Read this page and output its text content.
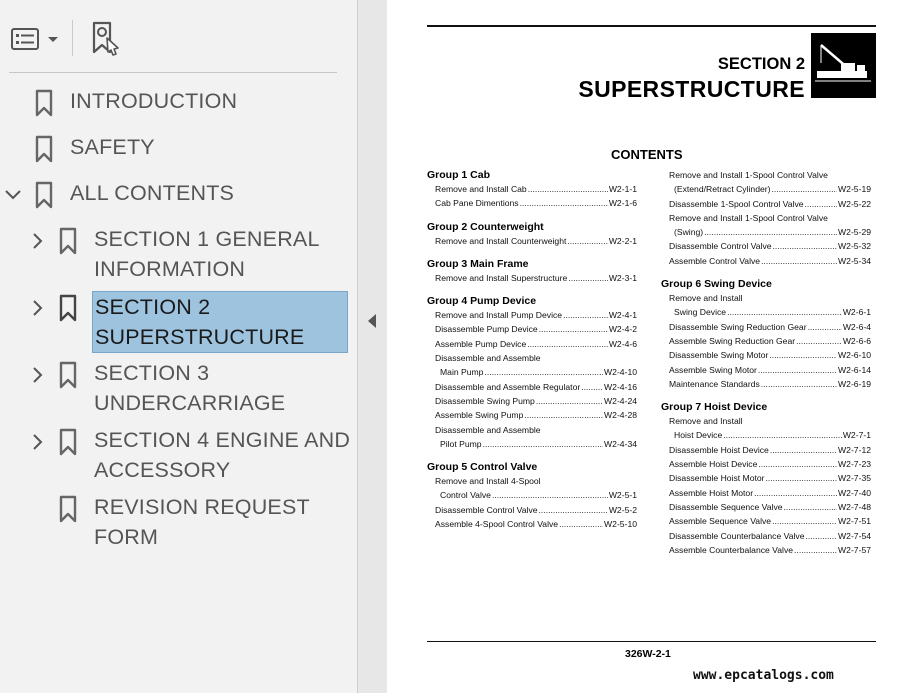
INTRODUCTION
SAFETY
ALL CONTENTS
SECTION 1 GENERAL
INFORMATION
SECTION 2
SUPERSTRUCTURE
SECTION 3
UNDERCARRIAGE
SECTION 4 ENGINE AND
ACCESSORY
REVISION REQUEST
FORM
SECTION 2
SUPERSTRUCTURE
CONTENTS
Group 1 Cab
Remove and Install Cab .....	W2-1-1
Cab Pane Dimentions .....	W2-1-6
Group 2 Counterweight
Remove and Install Counterweight .....	W2-2-1
Group 3 Main Frame
Remove and Install Superstructure .....	W2-3-1
Group 4 Pump Device
Remove and Install Pump Device .....	W2-4-1
Disassemble Pump Device .....	W2-4-2
Assemble Pump Device .....	W2-4-6
Disassemble and Assemble
Main Pump .....	W2-4-10
Disassemble and Assemble Regulator .....	W2-4-16
Disassemble Swing Pump .....	W2-4-24
Assemble Swing Pump .....	W2-4-28
Disassemble and Assemble
Pilot Pump .....	W2-4-34
Group 5 Control Valve
Remove and Install 4-Spool
Control Valve .....	W2-5-1
Disassemble Control Valve .....	W2-5-2
Assemble 4-Spool Control Valve .....	W2-5-10
Remove and Install 1-Spool Control Valve
(Extend/Retract Cylinder) .....	W2-5-19
Disassemble 1-Spool Control Valve .....	W2-5-22
Remove and Install 1-Spool Control Valve
(Swing) .....	W2-5-29
Disassemble Control Valve .....	W2-5-32
Assemble Control Valve .....	W2-5-34
Group 6 Swing Device
Remove and Install
Swing Device .....	W2-6-1
Disassemble Swing Reduction Gear .....	W2-6-4
Assemble Swing Reduction Gear .....	W2-6-6
Disassemble Swing Motor .....	W2-6-10
Assemble Swing Motor .....	W2-6-14
Maintenance Standards .....	W2-6-19
Group 7 Hoist Device
Remove and Install
Hoist Device .....	W2-7-1
Disassemble Hoist Device .....	W2-7-12
Assemble Hoist Device .....	W2-7-23
Disassemble Hoist Motor .....	W2-7-35
Assemble Hoist Motor .....	W2-7-40
Disassemble Sequence Valve .....	W2-7-48
Assemble Sequence Valve .....	W2-7-51
Disassemble Counterbalance Valve .....	W2-7-54
Assemble Counterbalance Valve .....	W2-7-57
326W-2-1
www.epcatalogs.com
